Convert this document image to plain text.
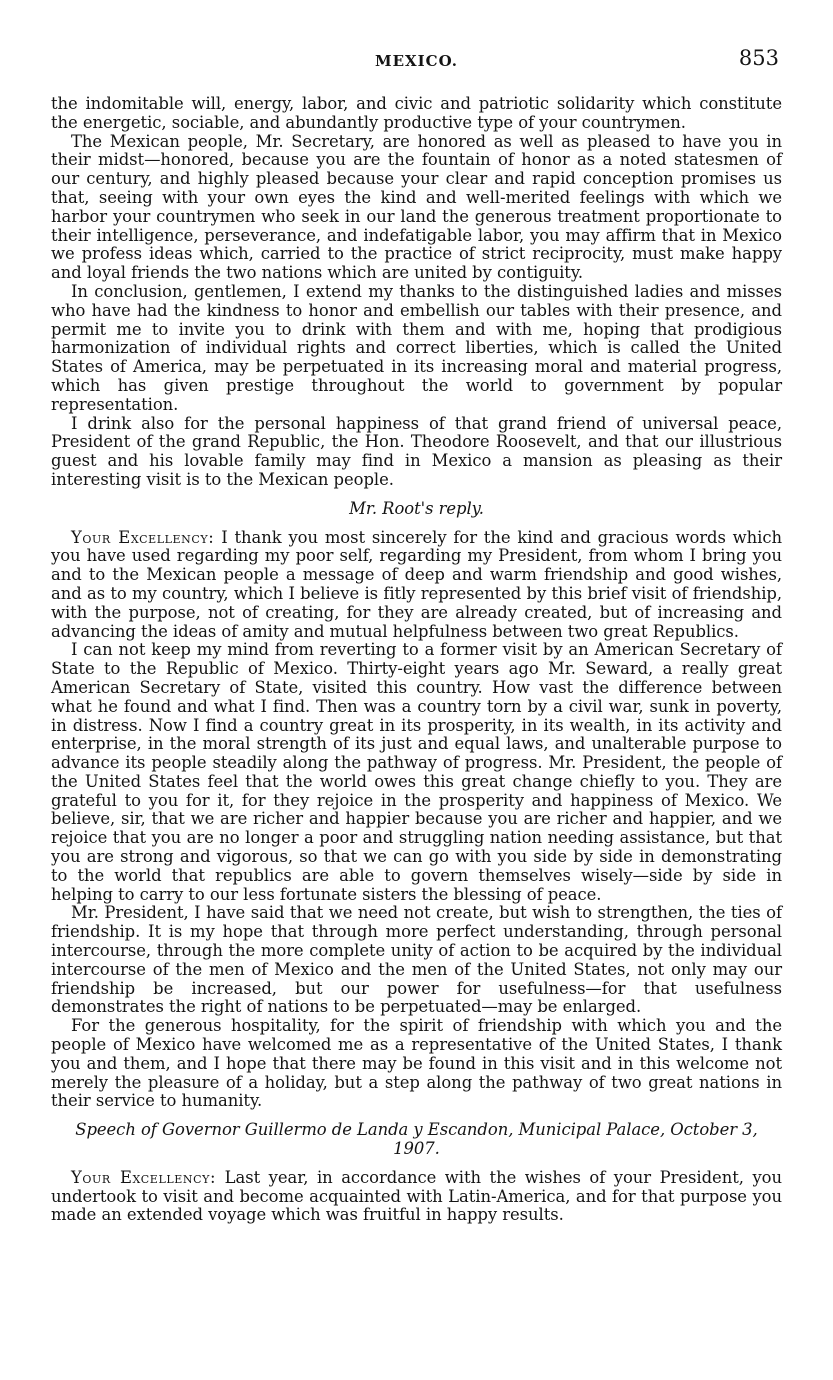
MEXICO.	853

the indomitable will, energy, labor, and civic and patriotic solidarity which constitute the energetic, sociable, and abundantly productive type of your countrymen.

The Mexican people, Mr. Secretary, are honored as well as pleased to have you in their midst—honored, because you are the fountain of honor as a noted statesmen of our century, and highly pleased because your clear and rapid conception promises us that, seeing with your own eyes the kind and well-merited feelings with which we harbor your countrymen who seek in our land the generous treatment proportionate to their intelligence, perseverance, and indefatigable labor, you may affirm that in Mexico we profess ideas which, carried to the practice of strict reciprocity, must make happy and loyal friends the two nations which are united by contiguity.

In conclusion, gentlemen, I extend my thanks to the distinguished ladies and misses who have had the kindness to honor and embellish our tables with their presence, and permit me to invite you to drink with them and with me, hoping that prodigious harmonization of individual rights and correct liberties, which is called the United States of America, may be perpetuated in its increasing moral and material progress, which has given prestige throughout the world to government by popular representation.

I drink also for the personal happiness of that grand friend of universal peace, President of the grand Republic, the Hon. Theodore Roosevelt, and that our illustrious guest and his lovable family may find in Mexico a mansion as pleasing as their interesting visit is to the Mexican people.

Mr. Root's reply.

Your Excellency: I thank you most sincerely for the kind and gracious words which you have used regarding my poor self, regarding my President, from whom I bring you and to the Mexican people a message of deep and warm friendship and good wishes, and as to my country, which I believe is fitly represented by this brief visit of friendship, with the purpose, not of creating, for they are already created, but of increasing and advancing the ideas of amity and mutual helpfulness between two great Republics.

I can not keep my mind from reverting to a former visit by an American Secretary of State to the Republic of Mexico. Thirty-eight years ago Mr. Seward, a really great American Secretary of State, visited this country. How vast the difference between what he found and what I find. Then was a country torn by a civil war, sunk in poverty, in distress. Now I find a country great in its prosperity, in its wealth, in its activity and enterprise, in the moral strength of its just and equal laws, and unalterable purpose to advance its people steadily along the pathway of progress. Mr. President, the people of the United States feel that the world owes this great change chiefly to you. They are grateful to you for it, for they rejoice in the prosperity and happiness of Mexico. We believe, sir, that we are richer and happier because you are richer and happier, and we rejoice that you are no longer a poor and struggling nation needing assistance, but that you are strong and vigorous, so that we can go with you side by side in demonstrating to the world that republics are able to govern themselves wisely—side by side in helping to carry to our less fortunate sisters the blessing of peace.

Mr. President, I have said that we need not create, but wish to strengthen, the ties of friendship. It is my hope that through more perfect understanding, through personal intercourse, through the more complete unity of action to be acquired by the individual intercourse of the men of Mexico and the men of the United States, not only may our friendship be increased, but our power for usefulness—for that usefulness demonstrates the right of nations to be perpetuated—may be enlarged.

For the generous hospitality, for the spirit of friendship with which you and the people of Mexico have welcomed me as a representative of the United States, I thank you and them, and I hope that there may be found in this visit and in this welcome not merely the pleasure of a holiday, but a step along the pathway of two great nations in their service to humanity.

Speech of Governor Guillermo de Landa y Escandon, Municipal Palace, October 3, 1907.

Your Excellency: Last year, in accordance with the wishes of your President, you undertook to visit and become acquainted with Latin-America, and for that purpose you made an extended voyage which was fruitful in happy results.
